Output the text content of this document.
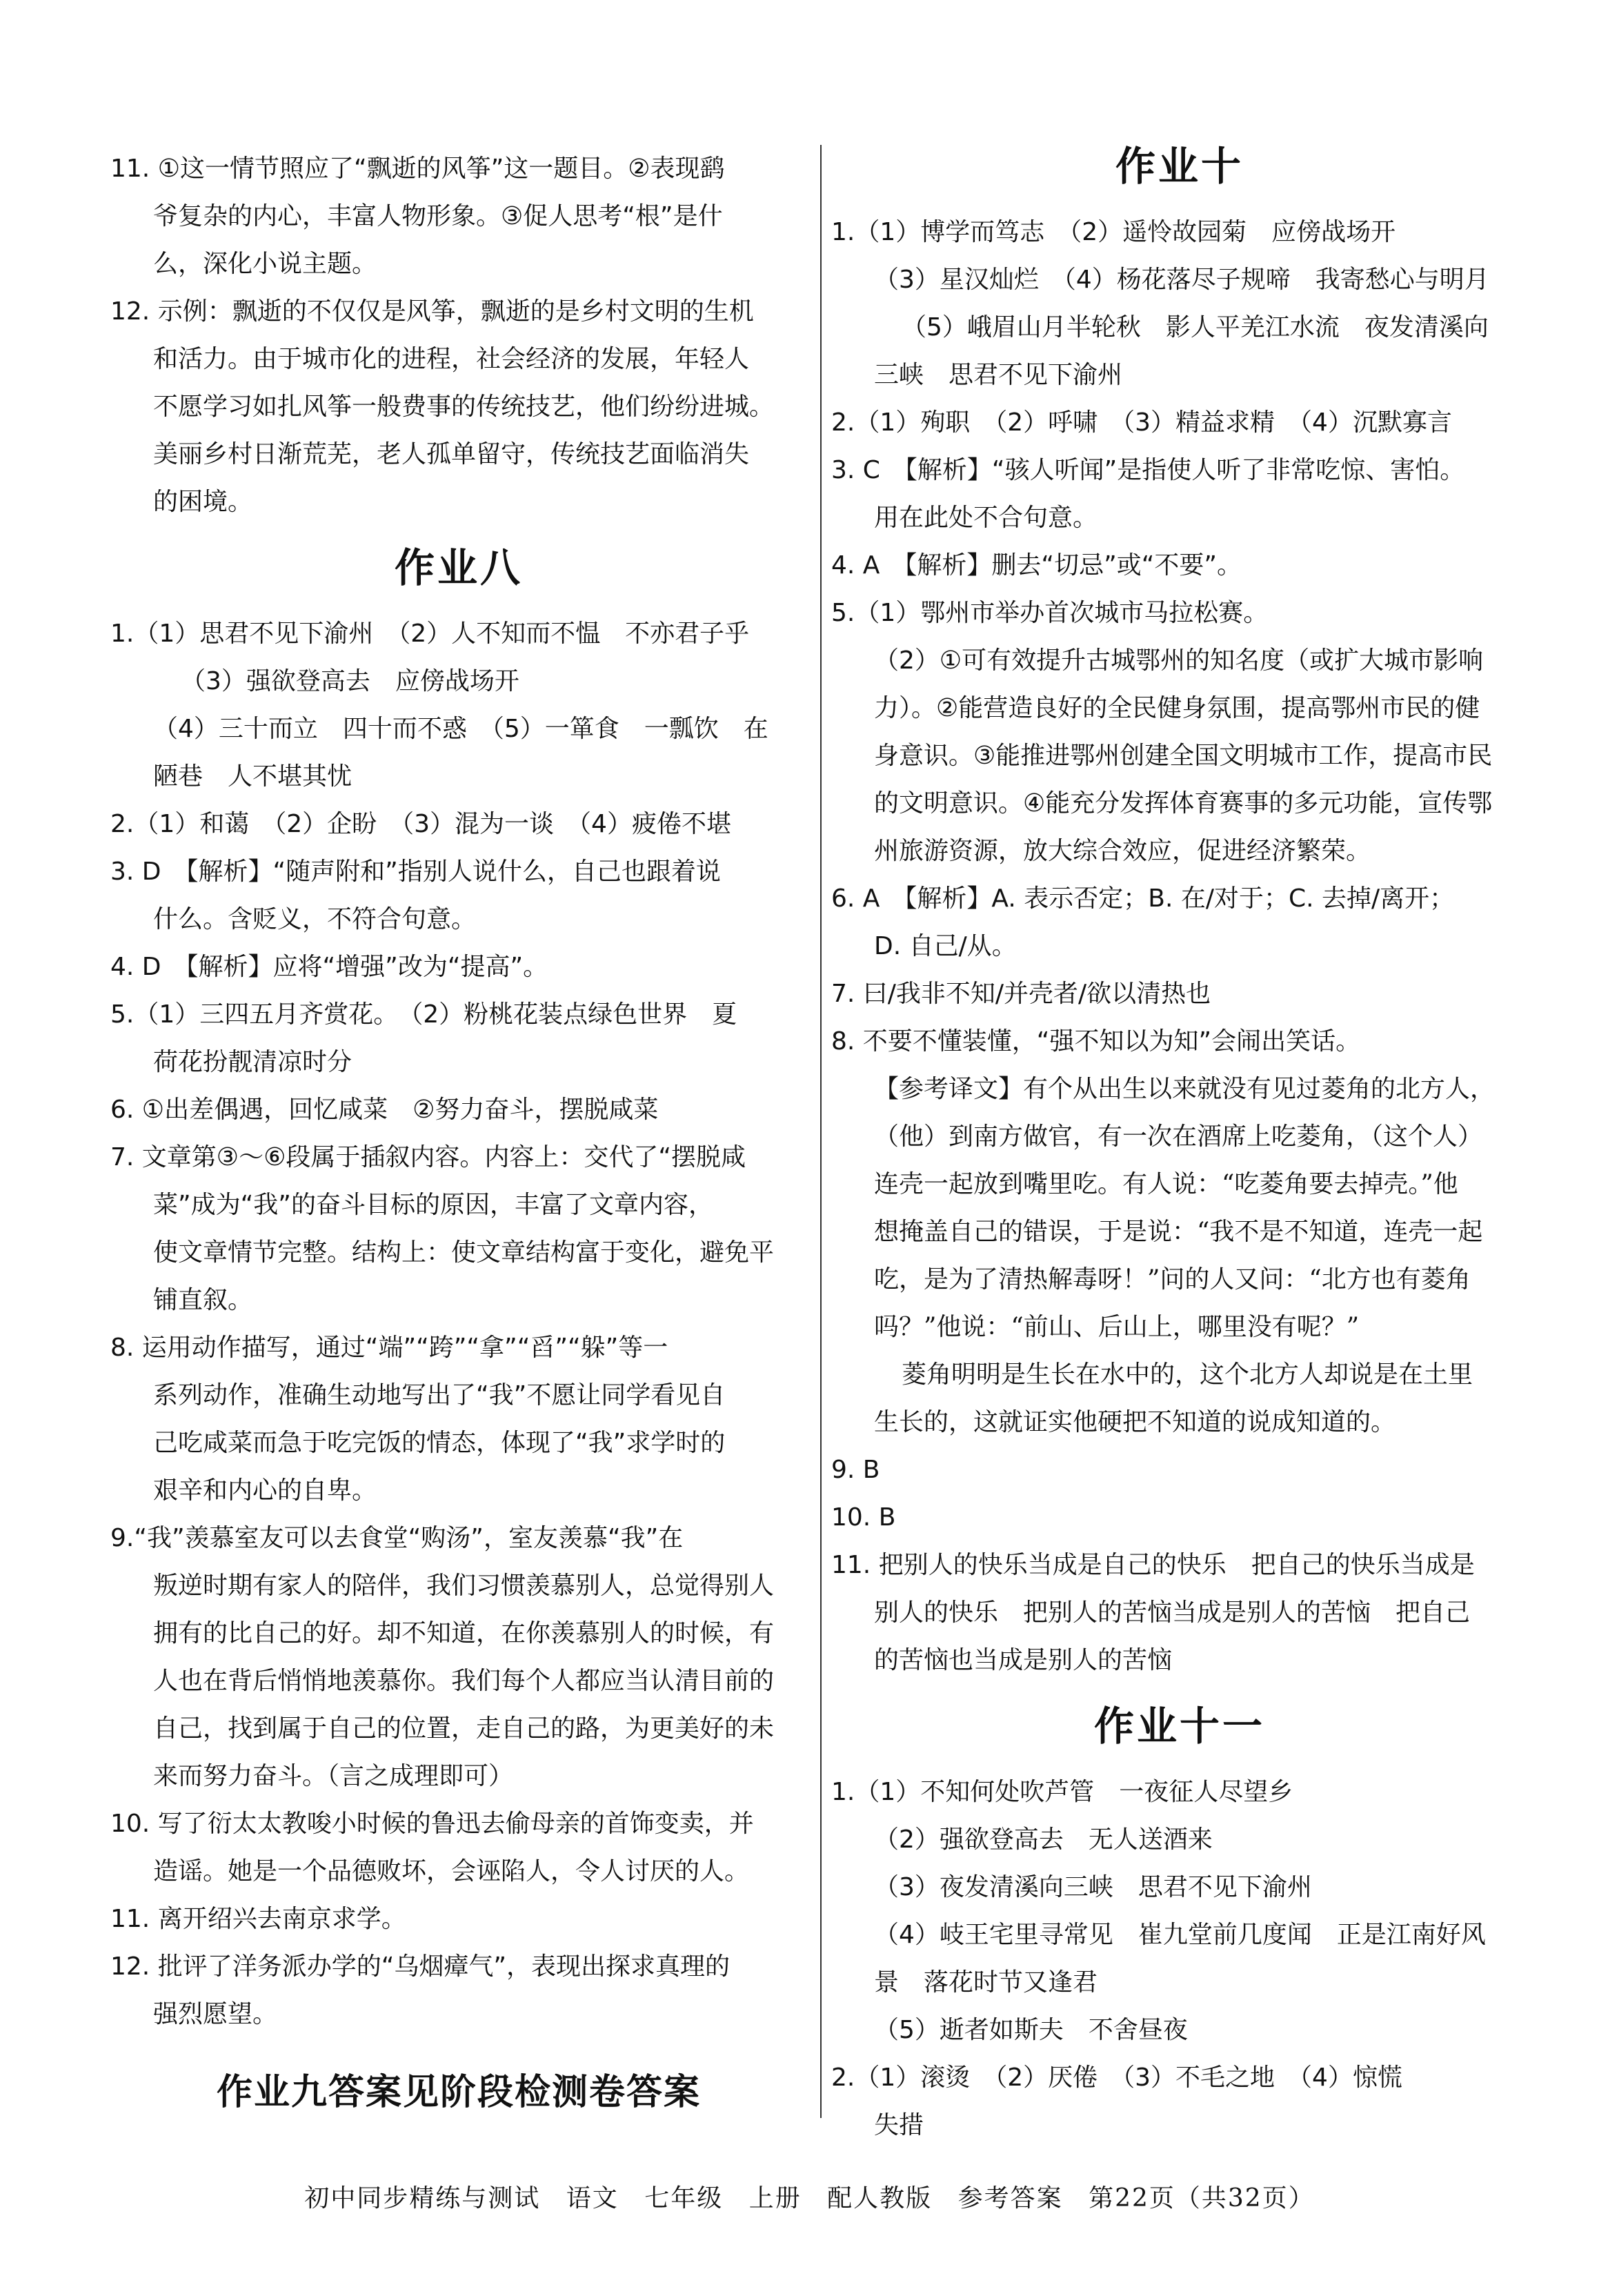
11. ①这一情节照应了“飘逝的风筝”这一题目。②表现鹞
爷复杂的内心，丰富人物形象。③促人思考“根”是什
么，深化小说主题。
12. 示例：飘逝的不仅仅是风筝，飘逝的是乡村文明的生机
和活力。由于城市化的进程，社会经济的发展，年轻人
不愿学习如扎风筝一般费事的传统技艺，他们纷纷进城。
美丽乡村日渐荒芜，老人孤单留守，传统技艺面临消失
的困境。
作业八
1.（1）思君不见下渝州　（2）人不知而不愠　不亦君子乎
（3）强欲登高去　应傍战场开
（4）三十而立　四十而不惑　（5）一箪食　一瓢饮　在
陋巷　人不堪其忧
2.（1）和蔼　（2）企盼　（3）混为一谈　（4）疲倦不堪
3. D　【解析】“随声附和”指别人说什么，自己也跟着说
什么。含贬义，不符合句意。
4. D　【解析】应将“增强”改为“提高”。
5.（1）三四五月齐赏花。　（2）粉桃花装点绿色世界　夏
荷花扮靓清凉时分
6. ①出差偶遇，回忆咸菜　②努力奋斗，摆脱咸菜
7. 文章第③～⑥段属于插叙内容。内容上：交代了“摆脱咸
菜”成为“我”的奋斗目标的原因，丰富了文章内容，
使文章情节完整。结构上：使文章结构富于变化，避免平
铺直叙。
8. 运用动作描写，通过“端”“跨”“拿”“舀”“躲”等一
系列动作，准确生动地写出了“我”不愿让同学看见自
己吃咸菜而急于吃完饭的情态，体现了“我”求学时的
艰辛和内心的自卑。
9.“我”羡慕室友可以去食堂“购汤”，室友羡慕“我”在
叛逆时期有家人的陪伴，我们习惯羡慕别人，总觉得别人
拥有的比自己的好。却不知道，在你羡慕别人的时候，有
人也在背后悄悄地羡慕你。我们每个人都应当认清目前的
自己，找到属于自己的位置，走自己的路，为更美好的未
来而努力奋斗。（言之成理即可）
10. 写了衍太太教唆小时候的鲁迅去偷母亲的首饰变卖，并
造谣。她是一个品德败坏，会诬陷人，令人讨厌的人。
11. 离开绍兴去南京求学。
12. 批评了洋务派办学的“乌烟瘴气”，表现出探求真理的
强烈愿望。
作业九答案见阶段检测卷答案
作业十
1.（1）博学而笃志　（2）遥怜故园菊　应傍战场开
（3）星汉灿烂　（4）杨花落尽子规啼　我寄愁心与明月
（5）峨眉山月半轮秋　影人平羌江水流　夜发清溪向
三峡　思君不见下渝州
2.（1）殉职　（2）呼啸　（3）精益求精　（4）沉默寡言
3. C　【解析】“骇人听闻”是指使人听了非常吃惊、害怕。
用在此处不合句意。
4. A　【解析】删去“切忌”或“不要”。
5.（1）鄂州市举办首次城市马拉松赛。
（2）①可有效提升古城鄂州的知名度（或扩大城市影响
力）。②能营造良好的全民健身氛围，提高鄂州市民的健
身意识。③能推进鄂州创建全国文明城市工作，提高市民
的文明意识。④能充分发挥体育赛事的多元功能，宣传鄂
州旅游资源，放大综合效应，促进经济繁荣。
6. A　【解析】A. 表示否定；B. 在/对于；C. 去掉/离开；
D. 自己/从。
7. 曰/我非不知/并壳者/欲以清热也
8. 不要不懂装懂，“强不知以为知”会闹出笑话。
【参考译文】有个从出生以来就没有见过菱角的北方人，
（他）到南方做官，有一次在酒席上吃菱角，（这个人）
连壳一起放到嘴里吃。有人说：“吃菱角要去掉壳。”他
想掩盖自己的错误，于是说：“我不是不知道，连壳一起
吃，是为了清热解毒呀！”问的人又问：“北方也有菱角
吗？”他说：“前山、后山上，哪里没有呢？”
菱角明明是生长在水中的，这个北方人却说是在土里
生长的，这就证实他硬把不知道的说成知道的。
9. B
10. B
11. 把别人的快乐当成是自己的快乐　把自己的快乐当成是
别人的快乐　把别人的苦恼当成是别人的苦恼　把自己
的苦恼也当成是别人的苦恼
作业十一
1.（1）不知何处吹芦管　一夜征人尽望乡
（2）强欲登高去　无人送酒来
（3）夜发清溪向三峡　思君不见下渝州
（4）岐王宅里寻常见　崔九堂前几度闻　正是江南好风
景　落花时节又逢君
（5）逝者如斯夫　不舍昼夜
2.（1）滚烫　（2）厌倦　（3）不毛之地　（4）惊慌
失措
初中同步精练与测试 语文 七年级 上册 配人教版 参考答案 第22页（共32页）
